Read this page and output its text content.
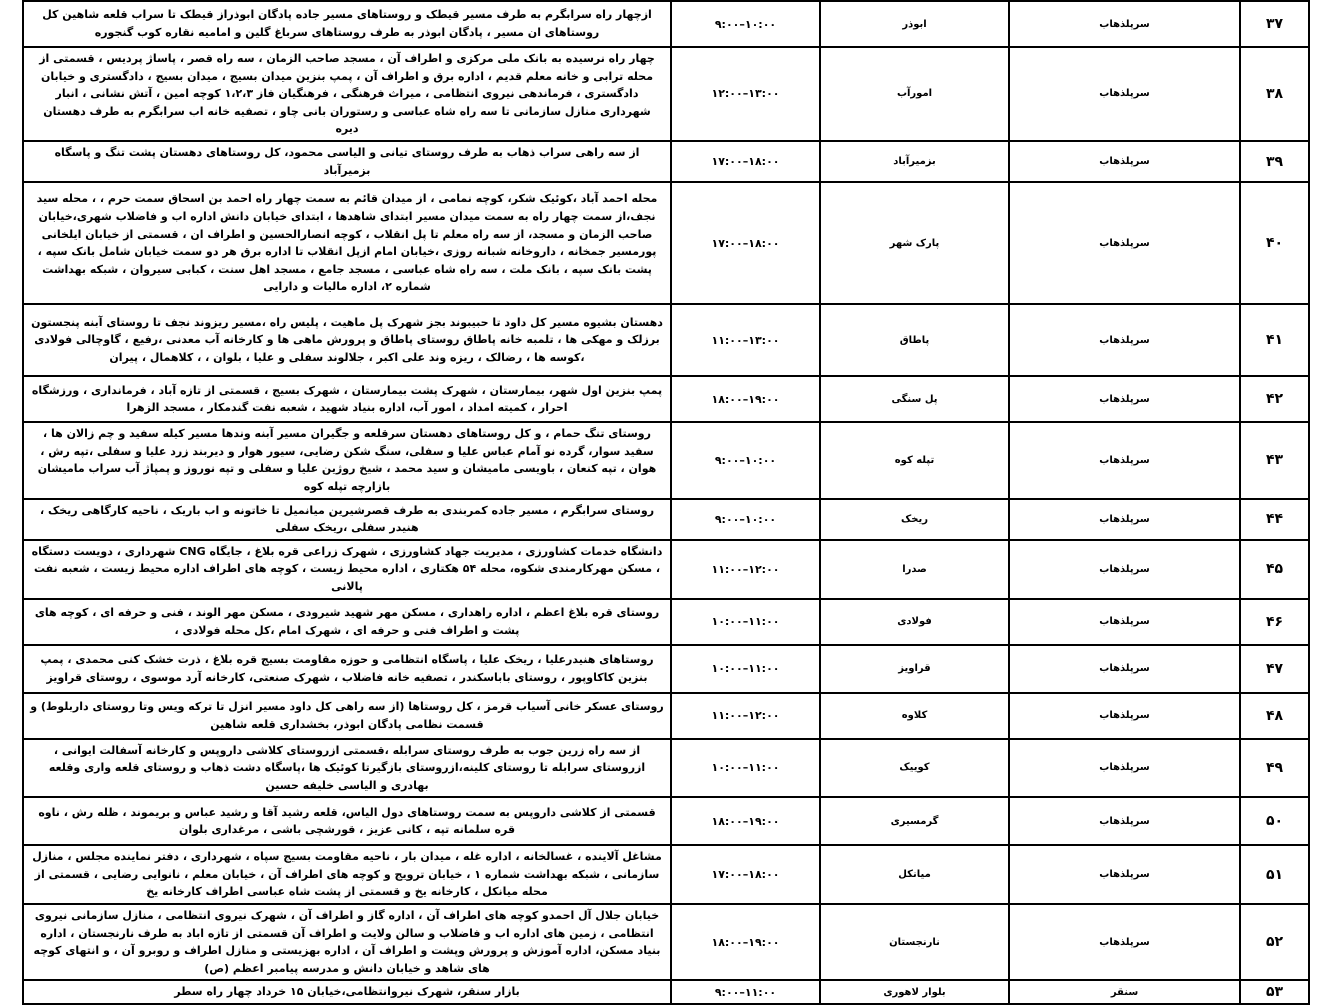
۳۷	سرپلذهاب	ابوذر	۹:۰۰–۱۰:۰۰	ازچهار راه سرابگرم به طرف مسیر قیطک و روستاهای مسیر جاده پادگان ابوذراز قیطک تا سراب قلعه شاهین کل روستاهای ان مسیر ، پادگان ابوذر به طرف روستاهای سرباغ گلین و امامیه نقاره کوب گنجوره
۳۸	سرپلذهاب	امورآب	۱۲:۰۰–۱۳:۰۰	چهار راه نرسیده به بانک ملی مرکزی و اطراف آن ، مسجد صاحب الزمان ، سه راه قصر ، پاساژ پردیس ، قسمتی از محله ترابی و خانه معلم قدیم ، اداره برق و اطراف آن ، پمپ بنزین میدان بسیج ، میدان بسیج ، دادگستری و خیابان دادگستری ، فرماندهی نیروی انتظامی ، میراث فرهنگی ، فرهنگیان فاز ۱،۲،۳ کوچه امین ، آتش نشانی ، انبار شهرداری منازل سازمانی تا سه راه شاه عباسی و رستوران بانی چاو ، تصفیه خانه اب سرابگرم به طرف دهستان دیره
۳۹	سرپلذهاب	بزمیرآباد	۱۷:۰۰–۱۸:۰۰	از سه راهی سراب ذهاب به طرف روستای تیانی و الیاسی محمود، کل روستاهای دهستان پشت تنگ و پاسگاه بزمیرآباد
۴۰	سرپلذهاب	پارک شهر	۱۷:۰۰–۱۸:۰۰	محله احمد آباد ،کوئیک شکر، کوچه نمامی ، از میدان قائم به سمت چهار راه احمد بن اسحاق سمت حرم ، ، محله سید نجف،از سمت چهار راه به سمت میدان مسیر ابتدای شاهدها ، ابتدای خیابان دانش اداره اب و فاضلاب شهری،خیابان صاحب الزمان و مسجد، از سه راه معلم تا پل انقلاب ، کوچه انصارالحسین و اطراف ان ، قسمتی از خیابان ایلخانی پورمسیر جمخانه ، داروخانه شبانه روزی ،خیابان امام ازپل انقلاب تا اداره برق هر دو سمت خیابان شامل بانک سپه ، پشت بانک سپه ، بانک ملت ، سه راه شاه عباسی ، مسجد جامع ، مسجد اهل سنت ، کبابی سیروان ، شبکه بهداشت شماره ۲، اداره مالیات و دارایی
۴۱	سرپلذهاب	پاطاق	۱۱:۰۰–۱۳:۰۰	دهستان بشیوه مسیر کل داود تا حبیبوند بجز شهرک پل ماهیت ، پلیس راه ،مسیر ریزوند نجف تا روستای آبنه پنجستون برزلک و مهکی ها ، تلمبه خانه پاطاق روستای پاطاق و پرورش ماهی ها و کارخانه آب معدنی ،رفیع ، گاوچالی فولادی ،کوسه ها ، رضالک ، ریزه وند علی اکبر ، جلالوند سفلی و علیا ، بلوان ، ، کلاهمال ، پیران
۴۲	سرپلذهاب	پل سنگی	۱۸:۰۰–۱۹:۰۰	پمپ بنزین اول شهر، بیمارستان ، شهرک پشت بیمارستان ، شهرک بسیج ، قسمتی از تازه آباد ، فرمانداری ، ورزشگاه احرار ، کمیته امداد ، امور آب، اداره بنیاد شهید ، شعبه نفت گندمکار ، مسجد الزهرا
۴۳	سرپلذهاب	تپله کوه	۹:۰۰–۱۰:۰۰	روستای تنگ حمام ، و کل روستاهای دهستان سرقلعه و جگیران مسیر آبنه وندها مسیر کیله سفید و چم زالان ها ، سفید سوار، گرده نو آمام عباس علیا و سفلی، سنگ شکن رضایی، سیور هوار و دیربند زرد علیا و سفلی ،تپه رش ، هوان ، تپه کنعان ، باویسی مامیشان و سید محمد ، شیخ روژین علیا و سفلی و تپه نوروز و پمپاژ آب سراب مامیشان بازارچه تپله کوه
۴۴	سرپلذهاب	ریخک	۹:۰۰–۱۰:۰۰	روستای سرابگرم ، مسیر جاده کمربندی به طرف قصرشیرین میانمیل تا خاتونه و اب باریک ، ناحیه کارگاهی ریخک ، هنیدر سفلی ،ریخک سفلی
۴۵	سرپلذهاب	صدرا	۱۱:۰۰–۱۲:۰۰	دانشگاه خدمات کشاورزی ، مدیریت جهاد کشاورزی ، شهرک زراعی قره بلاغ ، جایگاه CNG شهرداری ، دویست دستگاه ، مسکن مهرکارمندی شکوه، محله ۵۴ هکتاری ، اداره محیط زیست ، کوچه های اطراف اداره محیط زیست ، شعبه نفت پالانی
۴۶	سرپلذهاب	فولادی	۱۰:۰۰–۱۱:۰۰	روستای قره بلاغ اعظم ، اداره راهداری ، مسکن مهر شهید شیرودی ، مسکن مهر الوند ، فنی و حرفه ای ، کوچه های پشت و اطراف فنی و حرفه ای ، شهرک امام ،کل محله فولادی ،
۴۷	سرپلذهاب	قراویز	۱۰:۰۰–۱۱:۰۰	روستاهای هنیدرعلیا ، ریخک علیا ، پاسگاه انتظامی و حوزه مقاومت بسیج قره بلاغ ، ذرت خشک کنی محمدی ، پمپ بنزین کاکاوپور ، روستای باباسکندر ، تصفیه خانه فاضلاب ، شهرک صنعتی، کارخانه آرد موسوی ، روستای قراویز
۴۸	سرپلذهاب	کلاوه	۱۱:۰۰–۱۲:۰۰	روستای عسکر خانی آسیاب قرمز ، کل روستاها (از سه راهی کل داود مسیر انزل تا ترکه ویس وتا روستای داربلوط) و قسمت نظامی پادگان ابوذر، بخشداری قلعه شاهین
۴۹	سرپلذهاب	کوییک	۱۰:۰۰–۱۱:۰۰	از سه راه زرین جوب به طرف روستای سرابله ،قسمتی ازروستای کلاشی داروپس و کارخانه آسفالت ایوانی ، ازروستای سرابله تا روستای کلینه،ازروستای بازگیرتا کوئیک ها ،پاسگاه دشت ذهاب و روستای قلعه واری وقلعه بهادری و الیاسی خلیفه حسین
۵۰	سرپلذهاب	گرمسیری	۱۸:۰۰–۱۹:۰۰	قسمتی از کلاشی داروپس به سمت روستاهای دول الیاس، قلعه رشید آقا و رشید عباس و بریموند ، ظله رش ، ناوه قره سلمانه تپه ، کانی عزیز ، قورشچی باشی ، مرغداری بلوان
۵۱	سرپلذهاب	میانکل	۱۷:۰۰–۱۸:۰۰	مشاغل آلاینده ، غسالخانه ، اداره غله ، میدان بار ، ناحیه مقاومت بسیج سپاه ، شهرداری ، دفتر نماینده مجلس ، منازل سازمانی ، شبکه بهداشت شماره ۱ ، خیابان ترویج و کوچه های اطراف آن ، خیابان معلم ، نانوایی رضایی ، قسمتی از محله میانکل ، کارخانه یخ و قسمتی از پشت شاه عباسی اطراف کارخانه یخ
۵۲	سرپلذهاب	نارنجستان	۱۸:۰۰–۱۹:۰۰	خیابان جلال آل احمدو کوچه های اطراف آن ، اداره گاز و اطراف آن ، شهرک نیروی انتظامی ، منازل سازمانی نیروی انتظامی ، زمین های اداره اب و فاضلاب و سالن ولایت و اطراف آن قسمتی از تازه اباد به طرف نارنجستان ، اداره بنیاد مسکن، اداره آموزش و پرورش وپشت و اطراف آن ، اداره بهزیستی و منازل اطراف و روبرو آن ، و انتهای کوچه های شاهد و خیابان دانش و مدرسه پیامبر اعظم (ص)
۵۳	سنقر	بلوار لاهوری	۹:۰۰–۱۱:۰۰	بازار سنقر، شهرک نیروانتظامی،خیابان ۱۵ خرداد چهار راه سطر
